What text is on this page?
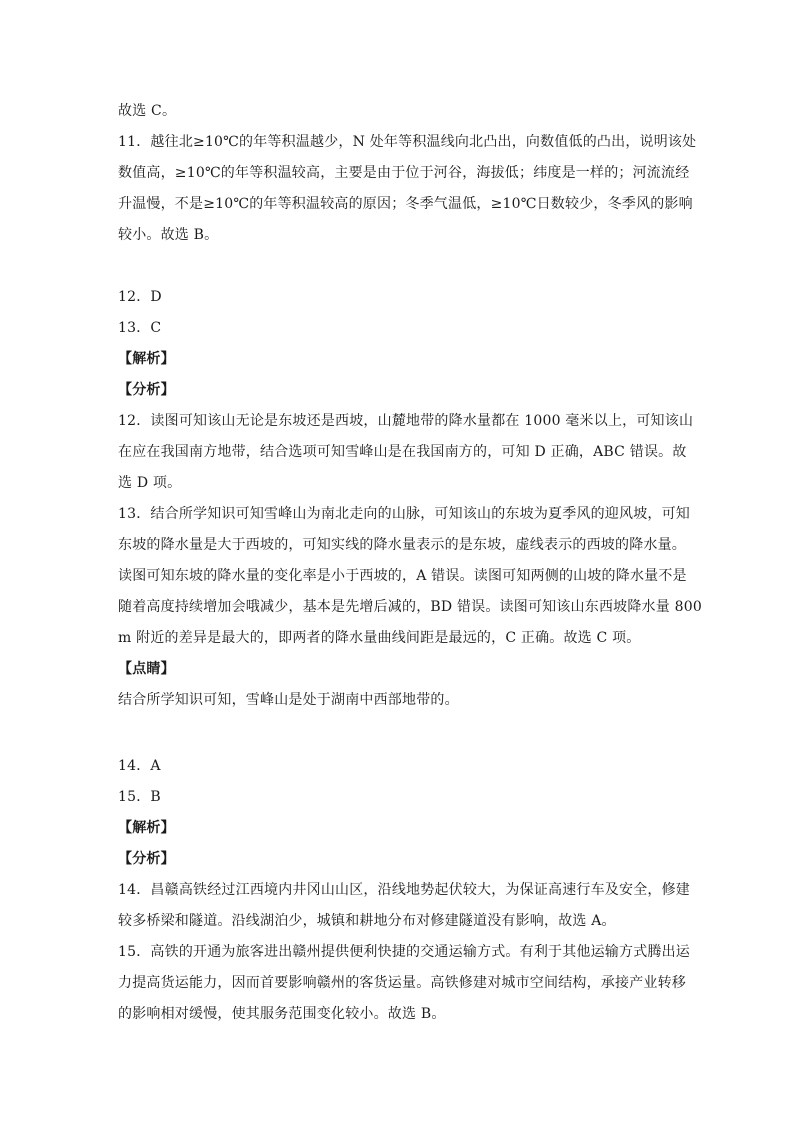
故选 C。
11．越往北≥10℃的年等积温越少，N 处年等积温线向北凸出，向数值低的凸出，说明该处
数值高，≥10℃的年等积温较高，主要是由于位于河谷，海拔低；纬度是一样的；河流流经
升温慢，不是≥10℃的年等积温较高的原因；冬季气温低，≥10℃日数较少，冬季风的影响
较小。故选 B。
12．D
13．C
【解析】
【分析】
12．读图可知该山无论是东坡还是西坡，山麓地带的降水量都在 1000 毫米以上，可知该山
在应在我国南方地带，结合选项可知雪峰山是在我国南方的，可知 D 正确，ABC 错误。故
选 D 项。
13．结合所学知识可知雪峰山为南北走向的山脉，可知该山的东坡为夏季风的迎风坡，可知
东坡的降水量是大于西坡的，可知实线的降水量表示的是东坡，虚线表示的西坡的降水量。
读图可知东坡的降水量的变化率是小于西坡的，A 错误。读图可知两侧的山坡的降水量不是
随着高度持续增加会哦减少，基本是先增后减的，BD 错误。读图可知该山东西坡降水量 800
m 附近的差异是最大的，即两者的降水量曲线间距是最远的，C 正确。故选 C 项。
【点睛】
结合所学知识可知，雪峰山是处于湖南中西部地带的。
14．A
15．B
【解析】
【分析】
14．昌赣高铁经过江西境内井冈山山区，沿线地势起伏较大，为保证高速行车及安全，修建
较多桥梁和隧道。沿线湖泊少，城镇和耕地分布对修建隧道没有影响，故选 A。
15．高铁的开通为旅客进出赣州提供便利快捷的交通运输方式。有利于其他运输方式腾出运
力提高货运能力，因而首要影响赣州的客货运量。高铁修建对城市空间结构，承接产业转移
的影响相对缓慢，使其服务范围变化较小。故选 B。
